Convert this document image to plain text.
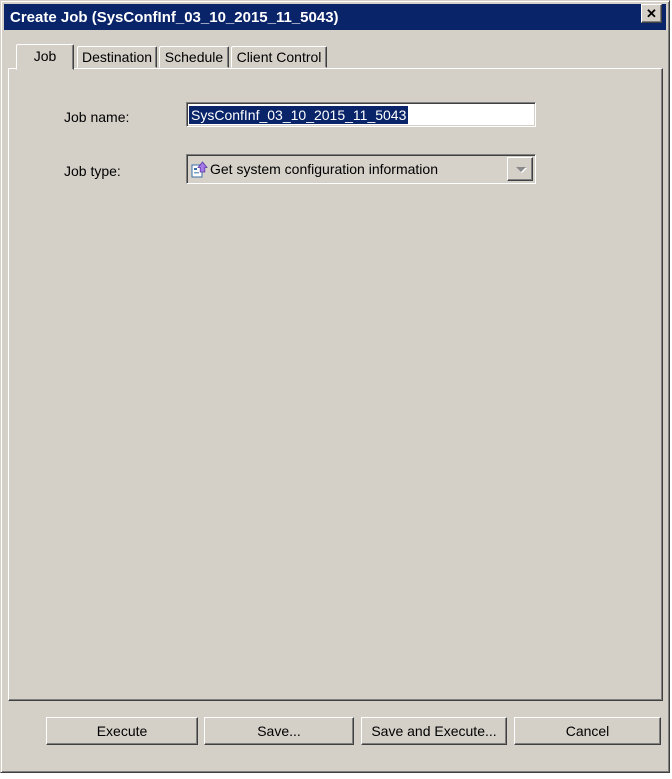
Create Job (SysConfInf_03_10_2015_11_5043)	✕
Job Destination Schedule Client Control
Job name:	SysConfInf_03_10_2015_11_5043
Job type:	Get system configuration information
Execute	Save...	Save and Execute...	Cancel
